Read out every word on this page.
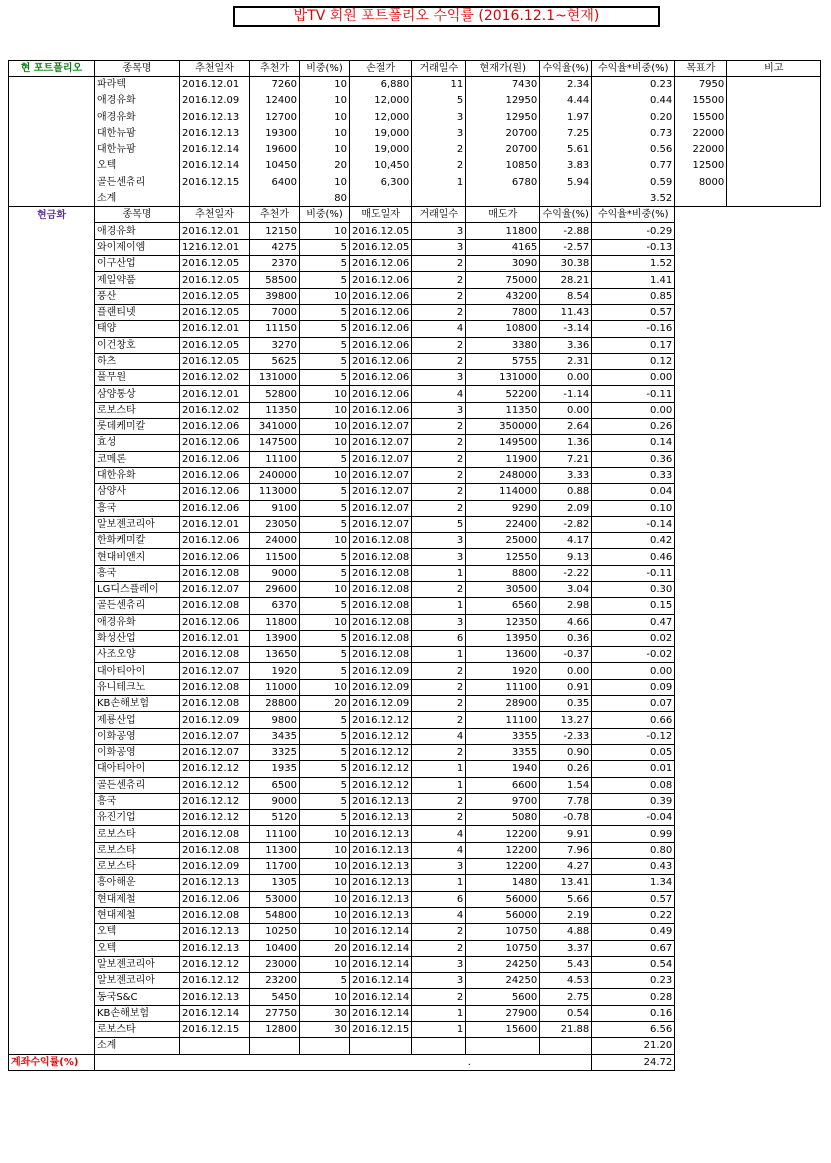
밥TV 회원 포트폴리오 수익률 (2016.12.1~현재)

현 포트폴리오	종목명	추천일자	추천가	비중(%)	손절가	거래일수	현재가(원)	수익율(%)	수익율*비중(%)	목표가	비고
	파라텍	2016.12.01	7260	10	6,880	11	7430	2.34	0.23	7950	
	애경유화	2016.12.09	12400	10	12,000	5	12950	4.44	0.44	15500	
	애경유화	2016.12.13	12700	10	12,000	3	12950	1.97	0.20	15500	
	대한뉴팜	2016.12.13	19300	10	19,000	3	20700	7.25	0.73	22000	
	대한뉴팜	2016.12.14	19600	10	19,000	2	20700	5.61	0.56	22000	
	오텍	2016.12.14	10450	20	10,450	2	10850	3.83	0.77	12500	
	골든센츄리	2016.12.15	6400	10	6,300	1	6780	5.94	0.59	8000	
	소계			80					3.52		
현금화	종목명	추천일자	추천가	비중(%)	매도일자	거래일수	매도가	수익율(%)	수익율*비중(%)		
	애경유화	2016.12.01	12150	10	2016.12.05	3	11800	-2.88	-0.29		
	와이제이엠	1216.12.01	4275	5	2016.12.05	3	4165	-2.57	-0.13		
	이구산업	2016.12.05	2370	5	2016.12.06	2	3090	30.38	1.52		
	제일약품	2016.12.05	58500	5	2016.12.06	2	75000	28.21	1.41		
	풍산	2016.12.05	39800	10	2016.12.06	2	43200	8.54	0.85		
	플랜티넷	2016.12.05	7000	5	2016.12.06	2	7800	11.43	0.57		
	태양	2016.12.01	11150	5	2016.12.06	4	10800	-3.14	-0.16		
	이건창호	2016.12.05	3270	5	2016.12.06	2	3380	3.36	0.17		
	하츠	2016.12.05	5625	5	2016.12.06	2	5755	2.31	0.12		
	풀무원	2016.12.02	131000	5	2016.12.06	3	131000	0.00	0.00		
	삼양통상	2016.12.01	52800	10	2016.12.06	4	52200	-1.14	-0.11		
	로보스타	2016.12.02	11350	10	2016.12.06	3	11350	0.00	0.00		
	롯데케미칼	2016.12.06	341000	10	2016.12.07	2	350000	2.64	0.26		
	효성	2016.12.06	147500	10	2016.12.07	2	149500	1.36	0.14		
	코메론	2016.12.06	11100	5	2016.12.07	2	11900	7.21	0.36		
	대한유화	2016.12.06	240000	10	2016.12.07	2	248000	3.33	0.33		
	삼양사	2016.12.06	113000	5	2016.12.07	2	114000	0.88	0.04		
	흥국	2016.12.06	9100	5	2016.12.07	2	9290	2.09	0.10		
	알보젠코리아	2016.12.01	23050	5	2016.12.07	5	22400	-2.82	-0.14		
	한화케미칼	2016.12.06	24000	10	2016.12.08	3	25000	4.17	0.42		
	현대비앤지	2016.12.06	11500	5	2016.12.08	3	12550	9.13	0.46		
	흥국	2016.12.08	9000	5	2016.12.08	1	8800	-2.22	-0.11		
	LG디스플레이	2016.12.07	29600	10	2016.12.08	2	30500	3.04	0.30		
	골든센츄리	2016.12.08	6370	5	2016.12.08	1	6560	2.98	0.15		
	애경유화	2016.12.06	11800	10	2016.12.08	3	12350	4.66	0.47		
	화성산업	2016.12.01	13900	5	2016.12.08	6	13950	0.36	0.02		
	사조오양	2016.12.08	13650	5	2016.12.08	1	13600	-0.37	-0.02		
	대아티아이	2016.12.07	1920	5	2016.12.09	2	1920	0.00	0.00		
	유니테크노	2016.12.08	11000	10	2016.12.09	2	11100	0.91	0.09		
	KB손해보험	2016.12.08	28800	20	2016.12.09	2	28900	0.35	0.07		
	제룡산업	2016.12.09	9800	5	2016.12.12	2	11100	13.27	0.66		
	이화공영	2016.12.07	3435	5	2016.12.12	4	3355	-2.33	-0.12		
	이화공영	2016.12.07	3325	5	2016.12.12	2	3355	0.90	0.05		
	대아티아이	2016.12.12	1935	5	2016.12.12	1	1940	0.26	0.01		
	골든센츄리	2016.12.12	6500	5	2016.12.12	1	6600	1.54	0.08		
	흥국	2016.12.12	9000	5	2016.12.13	2	9700	7.78	0.39		
	유진기업	2016.12.12	5120	5	2016.12.13	2	5080	-0.78	-0.04		
	로보스타	2016.12.08	11100	10	2016.12.13	4	12200	9.91	0.99		
	로보스타	2016.12.08	11300	10	2016.12.13	4	12200	7.96	0.80		
	로보스타	2016.12.09	11700	10	2016.12.13	3	12200	4.27	0.43		
	흥아해운	2016.12.13	1305	10	2016.12.13	1	1480	13.41	1.34		
	현대제철	2016.12.06	53000	10	2016.12.13	6	56000	5.66	0.57		
	현대제철	2016.12.08	54800	10	2016.12.13	4	56000	2.19	0.22		
	오텍	2016.12.13	10250	10	2016.12.14	2	10750	4.88	0.49		
	오텍	2016.12.13	10400	20	2016.12.14	2	10750	3.37	0.67		
	알보젠코리아	2016.12.12	23000	10	2016.12.14	3	24250	5.43	0.54		
	알보젠코리아	2016.12.12	23200	5	2016.12.14	3	24250	4.53	0.23		
	동국S&C	2016.12.13	5450	10	2016.12.14	2	5600	2.75	0.28		
	KB손해보험	2016.12.14	27750	30	2016.12.14	1	27900	0.54	0.16		
	로보스타	2016.12.15	12800	30	2016.12.15	1	15600	21.88	6.56		
	소계								21.20		
계좌수익률(%)							.		24.72		
